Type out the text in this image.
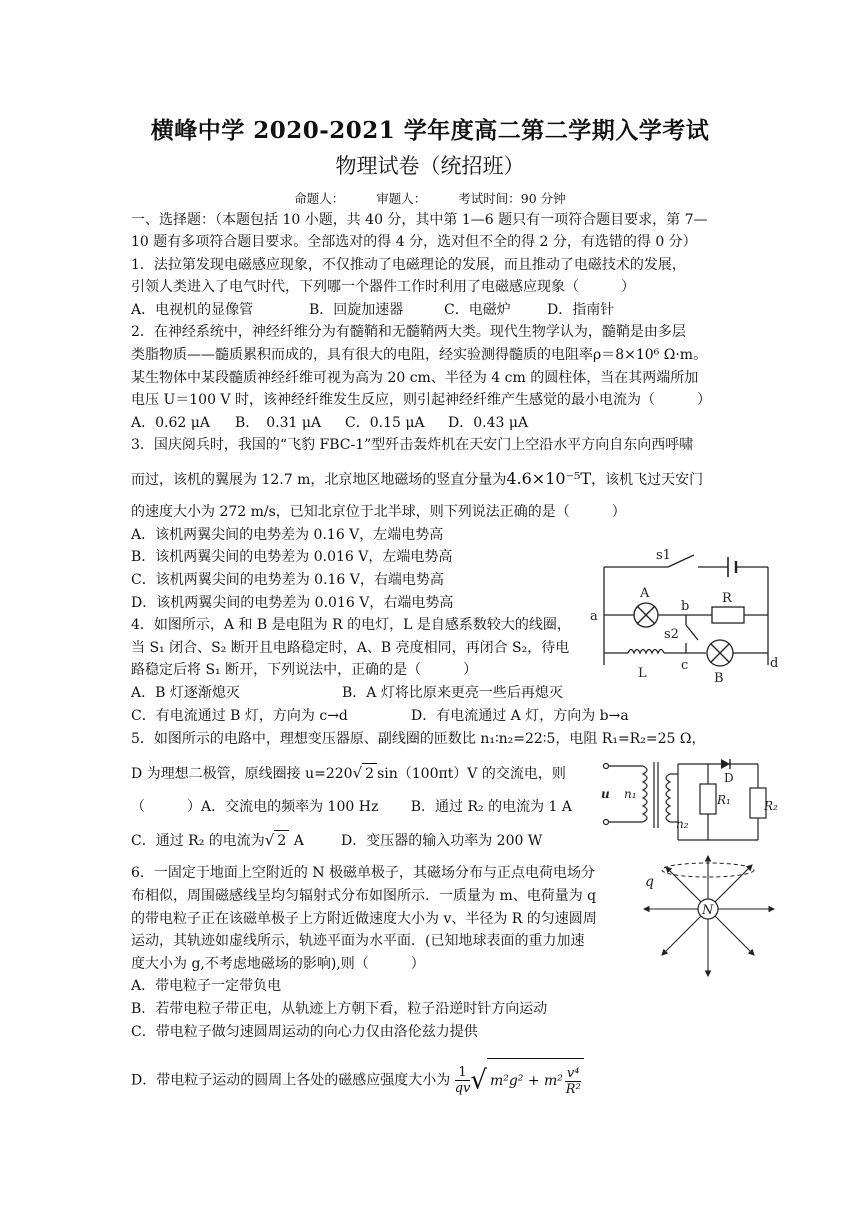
横峰中学 2020-2021 学年度高二第二学期入学考试
物理试卷（统招班）
命题人：	审题人：	考试时间：90 分钟
一、选择题：（本题包括 10 小题，共 40 分，其中第 1—6 题只有一项符合题目要求，第 7—
10 题有多项符合题目要求。全部选对的得 4 分，选对但不全的得 2 分，有选错的得 0 分）
1．法拉第发现电磁感应现象，不仅推动了电磁理论的发展，而且推动了电磁技术的发展，
引领人类进入了电气时代，下列哪一个器件工作时利用了电磁感应现象（　　　）
A．电视机的显像管	B．回旋加速器	C．电磁炉	D．指南针
2．在神经系统中，神经纤维分为有髓鞘和无髓鞘两大类。现代生物学认为，髓鞘是由多层
类脂物质——髓质累积而成的，具有很大的电阻，经实验测得髓质的电阻率ρ＝8×10⁶ Ω·m。
某生物体中某段髓质神经纤维可视为高为 20 cm、半径为 4 cm 的圆柱体，当在其两端所加
电压 U＝100 V 时，该神经纤维发生反应，则引起神经纤维产生感觉的最小电流为（　　　）
A．0.62 μA B．　0.31 μA C．0.15 μA D．0.43 μA
3．国庆阅兵时，我国的“飞豹 FBC-1”型歼击轰炸机在天安门上空沿水平方向自东向西呼啸
而过，该机的翼展为 12.7 m，北京地区地磁场的竖直分量为4.6×10⁻⁵T，该机飞过天安门
的速度大小为 272 m/s，已知北京位于北半球，则下列说法正确的是（　　　）
A．该机两翼尖间的电势差为 0.16 V，左端电势高
B．该机两翼尖间的电势差为 0.016 V，左端电势高
C．该机两翼尖间的电势差为 0.16 V，右端电势高
D．该机两翼尖间的电势差为 0.016 V，右端电势高
4．如图所示，A 和 B 是电阻为 R 的电灯，L 是自感系数较大的线圈，
当 S₁ 闭合、S₂ 断开且电路稳定时，A、B 亮度相同，再闭合 S₂，待电
路稳定后将 S₁ 断开，下列说法中，正确的是（　　　）
A．B 灯逐渐熄灭	B．A 灯将比原来更亮一些后再熄灭
C．有电流通过 B 灯，方向为 c→d	D．有电流通过 A 灯，方向为 b→a
s1
a
A	R
b
s2
c	d
L	B
5．如图所示的电路中，理想变压器原、副线圈的匝数比 n₁∶n₂=22∶5，电阻 R₁=R₂=25 Ω，
D 为理想二极管，原线圈接 u=220√ 2 sin（100πt）V 的交流电，则
（　　　）A．交流电的频率为 100 Hz　　 B．通过 R₂ 的电流为 1 A
C．通过 R₂ 的电流为√ 2 A	D．变压器的输入功率为 200 W
u n₁
n₂
D
R₁	R₂
6．一固定于地面上空附近的 N 极磁单极子，其磁场分布与正点电荷电场分
布相似，周围磁感线呈均匀辐射式分布如图所示．一质量为 m、电荷量为 q
的带电粒子正在该磁单极子上方附近做速度大小为 v、半径为 R 的匀速圆周
运动，其轨迹如虚线所示，轨迹平面为水平面．(已知地球表面的重力加速
度大小为 g,不考虑地磁场的影响),则（　　　）
A．带电粒子一定带负电
B．若带电粒子带正电，从轨迹上方朝下看，粒子沿逆时针方向运动
C．带电粒子做匀速圆周运动的向心力仅由洛伦兹力提供
D．带电粒子运动的圆周上各处的磁感应强度大小为 $\frac{1}{qv}$ √ $m^2g^2 + m^2 \frac{\text{v⁴}}{\text{R²}}$
N
q
